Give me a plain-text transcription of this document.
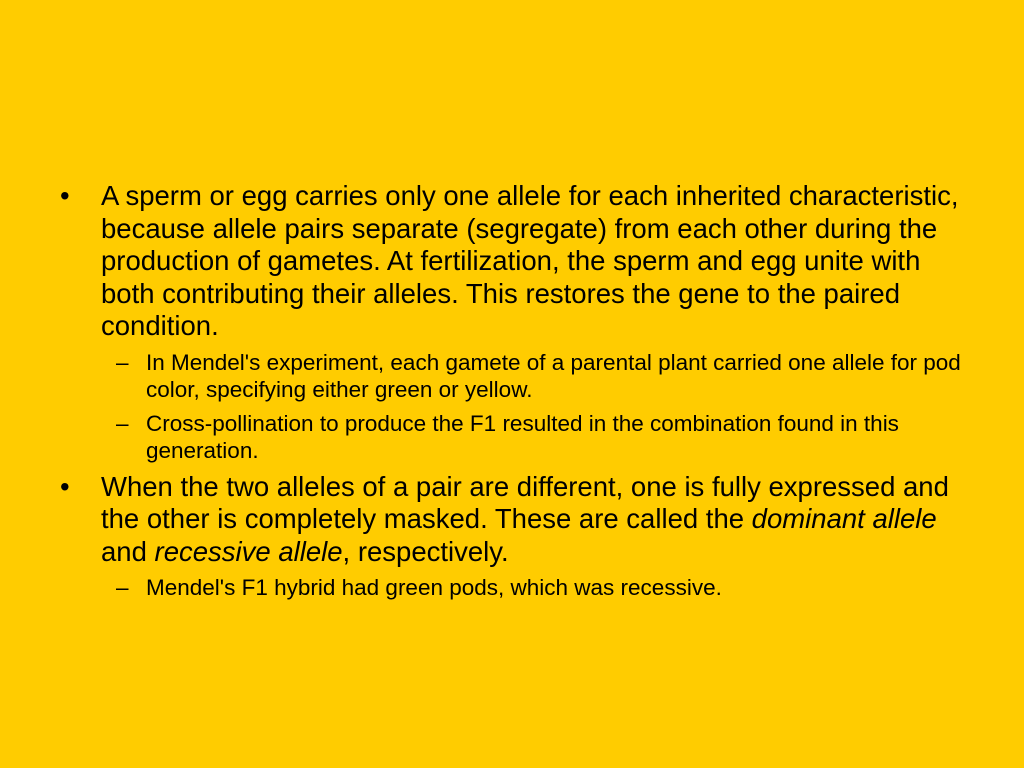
• A sperm or egg carries only one allele for each inherited characteristic, because allele pairs separate (segregate) from each other during the production of gametes. At fertilization, the sperm and egg unite with both contributing their alleles. This restores the gene to the paired condition.

– In Mendel's experiment, each gamete of a parental plant carried one allele for pod color, specifying either green or yellow.

– Cross-pollination to produce the F1 resulted in the combination found in this generation.

• When the two alleles of a pair are different, one is fully expressed and the other is completely masked. These are called the dominant allele and recessive allele, respectively.

– Mendel's F1 hybrid had green pods, which was recessive.
